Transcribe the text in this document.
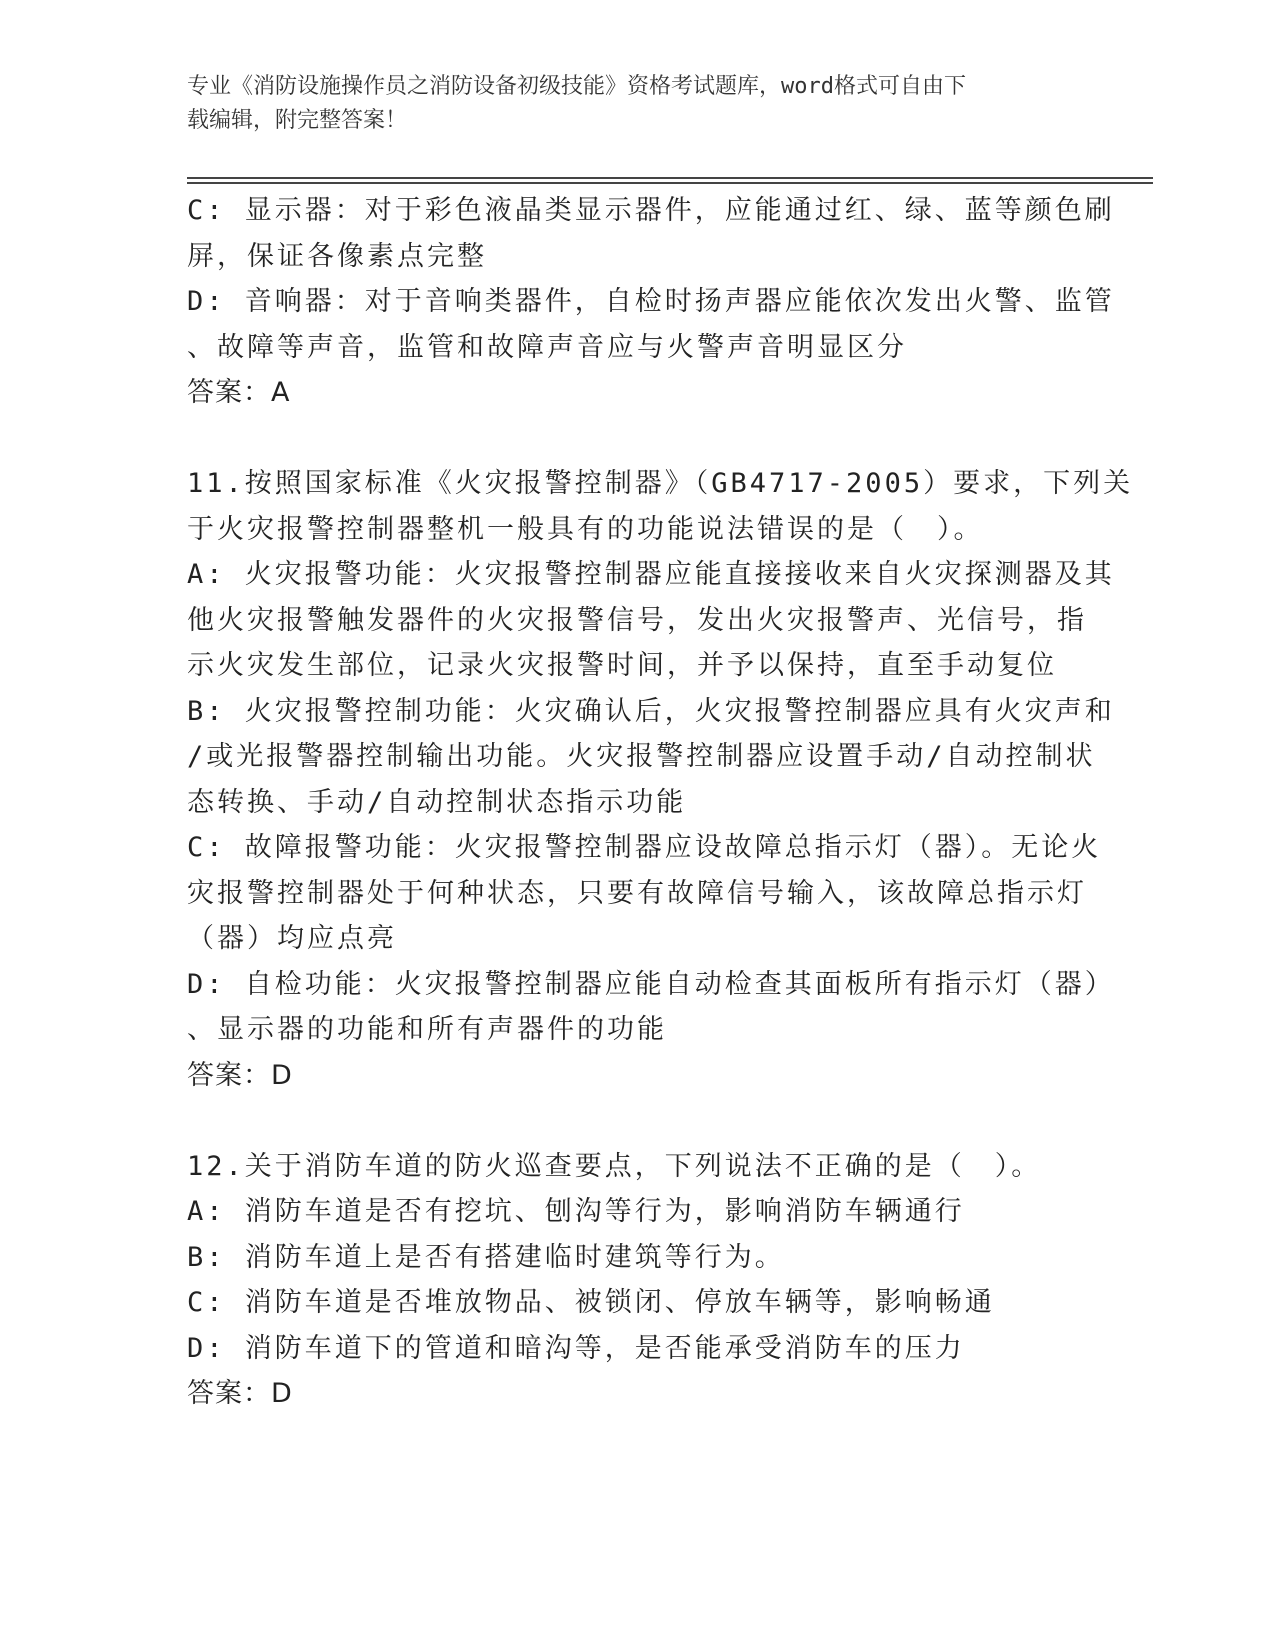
专业《消防设施操作员之消防设备初级技能》资格考试题库，word格式可自由下
载编辑，附完整答案！
C: 显示器：对于彩色液晶类显示器件，应能通过红、绿、蓝等颜色刷
屏，保证各像素点完整
D: 音响器：对于音响类器件，自检时扬声器应能依次发出火警、监管
、故障等声音，监管和故障声音应与火警声音明显区分
答案：A
11.按照国家标准《火灾报警控制器》（GB4717-2005）要求，下列关
于火灾报警控制器整机一般具有的功能说法错误的是（　）。
A: 火灾报警功能：火灾报警控制器应能直接接收来自火灾探测器及其
他火灾报警触发器件的火灾报警信号，发出火灾报警声、光信号，指
示火灾发生部位，记录火灾报警时间，并予以保持，直至手动复位
B: 火灾报警控制功能：火灾确认后，火灾报警控制器应具有火灾声和
/或光报警器控制输出功能。火灾报警控制器应设置手动/自动控制状
态转换、手动/自动控制状态指示功能
C: 故障报警功能：火灾报警控制器应设故障总指示灯（器）。无论火
灾报警控制器处于何种状态，只要有故障信号输入，该故障总指示灯
（器）均应点亮
D: 自检功能：火灾报警控制器应能自动检查其面板所有指示灯（器）
、显示器的功能和所有声器件的功能
答案：D
12.关于消防车道的防火巡查要点，下列说法不正确的是（　）。
A: 消防车道是否有挖坑、刨沟等行为，影响消防车辆通行
B: 消防车道上是否有搭建临时建筑等行为。
C: 消防车道是否堆放物品、被锁闭、停放车辆等，影响畅通
D: 消防车道下的管道和暗沟等，是否能承受消防车的压力
答案：D
